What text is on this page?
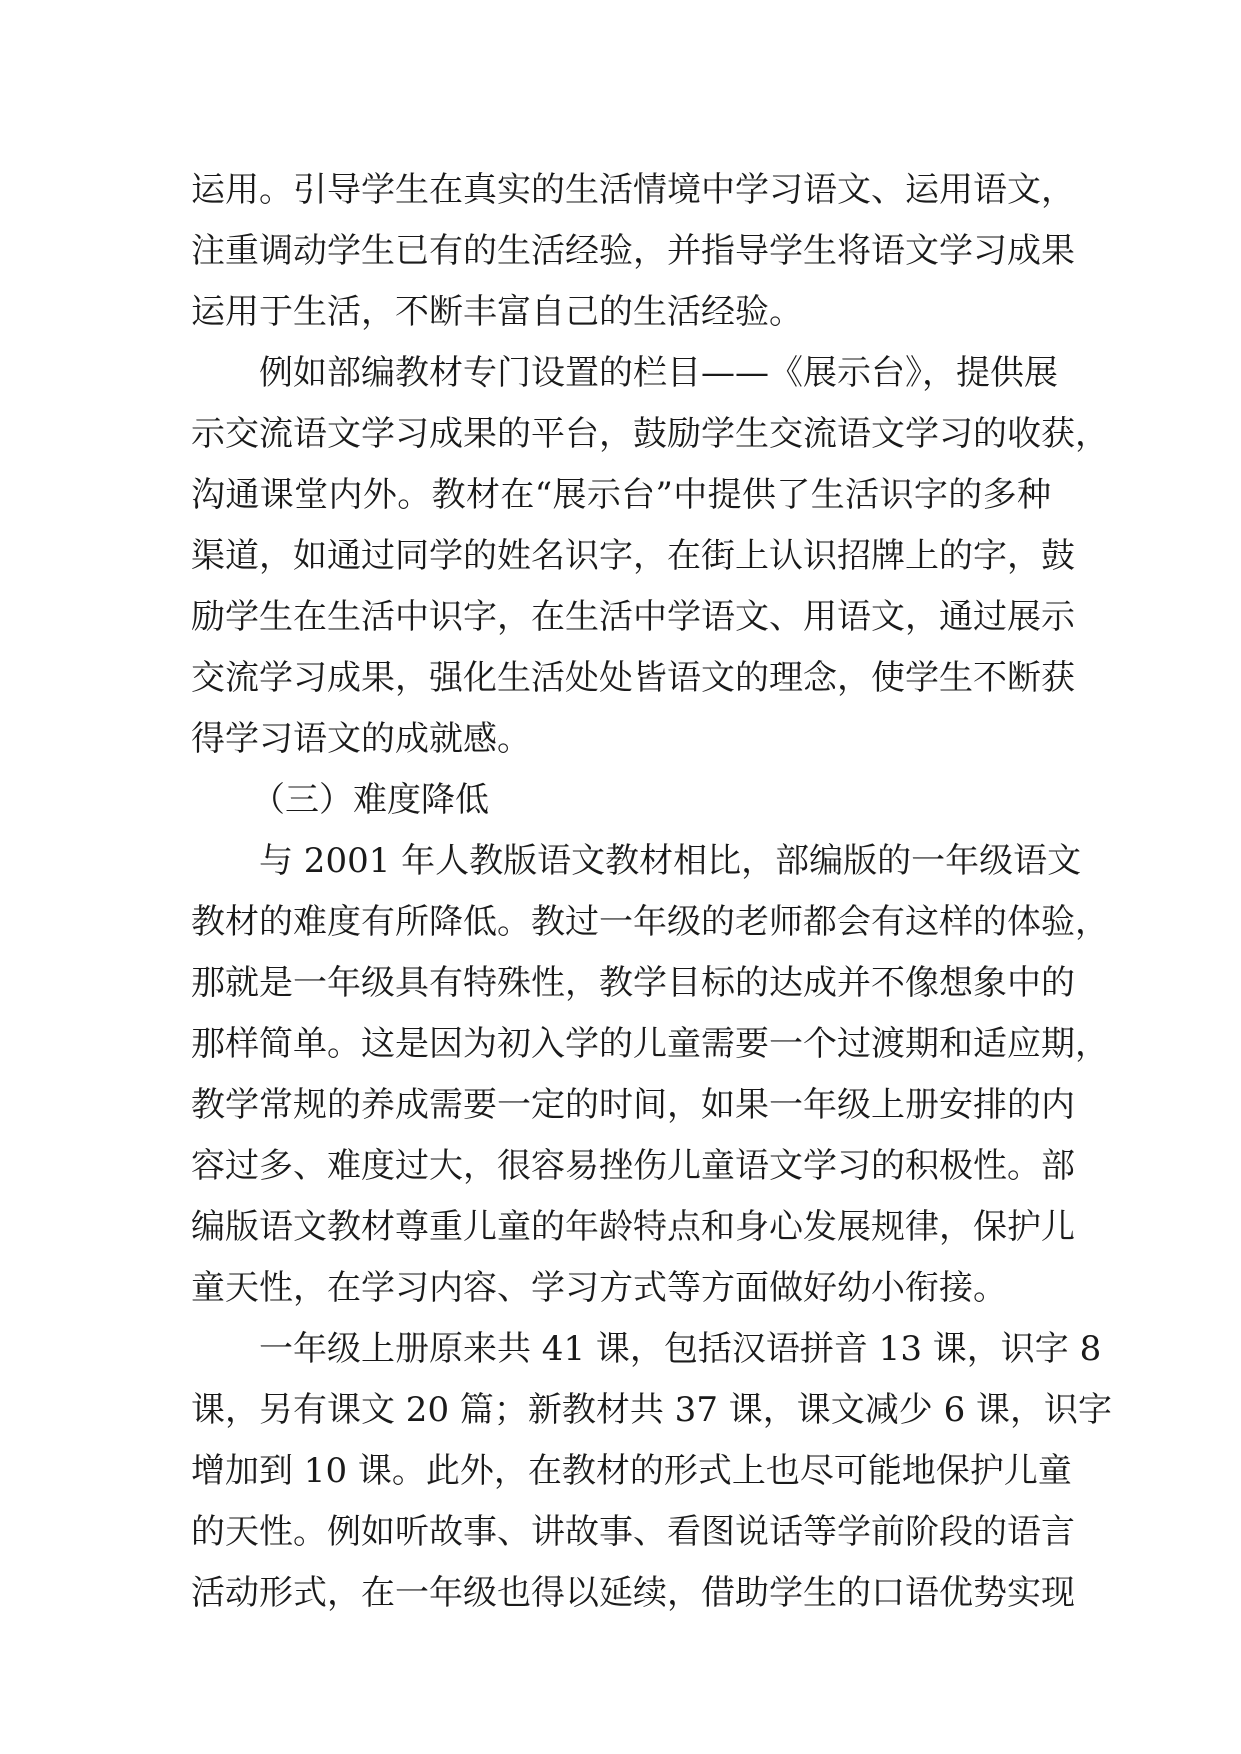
运用。引导学生在真实的生活情境中学习语文、运用语文，
注重调动学生已有的生活经验，并指导学生将语文学习成果
运用于生活，不断丰富自己的生活经验。
例如部编教材专门设置的栏目——《展示台》，提供展
示交流语文学习成果的平台，鼓励学生交流语文学习的收获，
沟通课堂内外。教材在“展示台”中提供了生活识字的多种
渠道，如通过同学的姓名识字，在街上认识招牌上的字，鼓
励学生在生活中识字，在生活中学语文、用语文，通过展示
交流学习成果，强化生活处处皆语文的理念，使学生不断获
得学习语文的成就感。
（三）难度降低
与 2001 年人教版语文教材相比，部编版的一年级语文
教材的难度有所降低。教过一年级的老师都会有这样的体验，
那就是一年级具有特殊性，教学目标的达成并不像想象中的
那样简单。这是因为初入学的儿童需要一个过渡期和适应期，
教学常规的养成需要一定的时间，如果一年级上册安排的内
容过多、难度过大，很容易挫伤儿童语文学习的积极性。部
编版语文教材尊重儿童的年龄特点和身心发展规律，保护儿
童天性，在学习内容、学习方式等方面做好幼小衔接。
一年级上册原来共 41 课，包括汉语拼音 13 课，识字 8
课，另有课文 20 篇；新教材共 37 课，课文减少 6 课，识字
增加到 10 课。此外，在教材的形式上也尽可能地保护儿童
的天性。例如听故事、讲故事、看图说话等学前阶段的语言
活动形式，在一年级也得以延续，借助学生的口语优势实现
